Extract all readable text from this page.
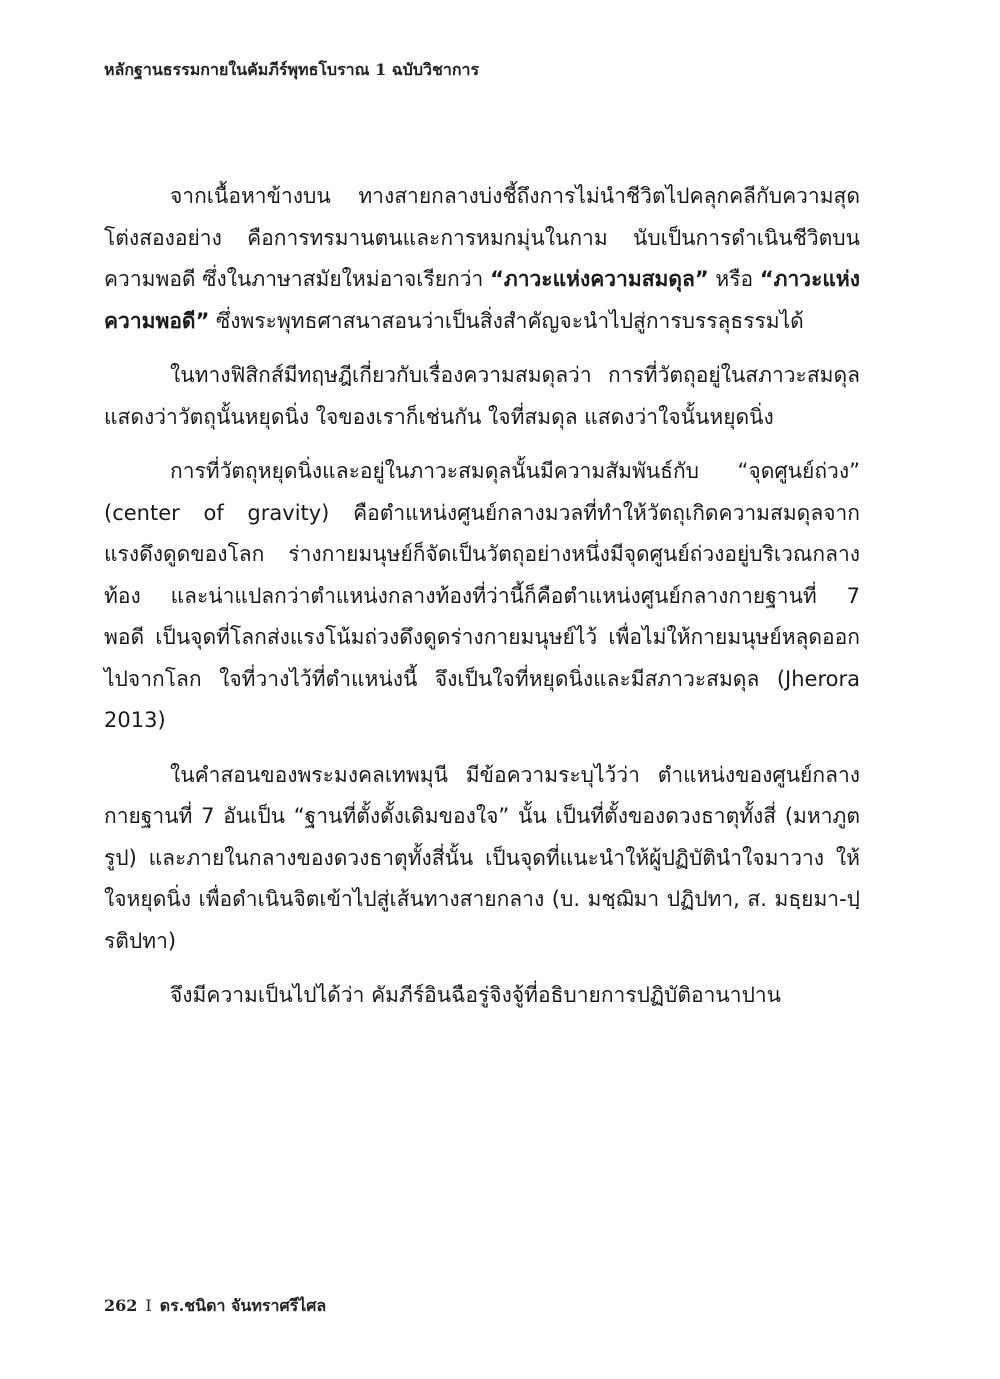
หลักฐานธรรมกายในคัมภีร์พุทธโบราณ 1 ฉบับวิชาการ

จากเนื้อหาข้างบน ทางสายกลางบ่งชี้ถึงการไม่นำชีวิตไปคลุกคลีกับความสุดโต่งสองอย่าง คือการทรมานตนและการหมกมุ่นในกาม นับเป็นการดำเนินชีวิตบนความพอดี ซึ่งในภาษาสมัยใหม่อาจเรียกว่า “ภาวะแห่งความสมดุล” หรือ “ภาวะแห่งความพอดี” ซึ่งพระพุทธศาสนาสอนว่าเป็นสิ่งสำคัญจะนำไปสู่การบรรลุธรรมได้

ในทางฟิสิกส์มีทฤษฎีเกี่ยวกับเรื่องความสมดุลว่า การที่วัตถุอยู่ในสภาวะสมดุลแสดงว่าวัตถุนั้นหยุดนิ่ง ใจของเราก็เช่นกัน ใจที่สมดุล แสดงว่าใจนั้นหยุดนิ่ง

การที่วัตถุหยุดนิ่งและอยู่ในภาวะสมดุลนั้นมีความสัมพันธ์กับ “จุดศูนย์ถ่วง” (center of gravity) คือตำแหน่งศูนย์กลางมวลที่ทำให้วัตถุเกิดความสมดุลจากแรงดึงดูดของโลก ร่างกายมนุษย์ก็จัดเป็นวัตถุอย่างหนึ่งมีจุดศูนย์ถ่วงอยู่บริเวณกลางท้อง และน่าแปลกว่าตำแหน่งกลางท้องที่ว่านี้ก็คือตำแหน่งศูนย์กลางกายฐานที่ 7 พอดี เป็นจุดที่โลกส่งแรงโน้มถ่วงดึงดูดร่างกายมนุษย์ไว้ เพื่อไม่ให้กายมนุษย์หลุดออกไปจากโลก ใจที่วางไว้ที่ตำแหน่งนี้ จึงเป็นใจที่หยุดนิ่งและมีสภาวะสมดุล (Jherora 2013)

ในคำสอนของพระมงคลเทพมุนี มีข้อความระบุไว้ว่า ตำแหน่งของศูนย์กลางกายฐานที่ 7 อันเป็น “ฐานที่ตั้งดั้งเดิมของใจ” นั้น เป็นที่ตั้งของดวงธาตุทั้งสี่ (มหาภูตรูป) และภายในกลางของดวงธาตุทั้งสี่นั้น เป็นจุดที่แนะนำให้ผู้ปฏิบัตินำใจมาวาง ให้ใจหยุดนิ่ง เพื่อดำเนินจิตเข้าไปสู่เส้นทางสายกลาง (บ. มชฺฌิมา ปฏิปทา, ส. มธฺยมา-ปฺรติปทา)

จึงมีความเป็นไปได้ว่า คัมภีร์อินฉือรู่จิงจู้ที่อธิบายการปฏิบัติอานาปาน

262 I ดร.ชนิดา จันทราศรีไศล
